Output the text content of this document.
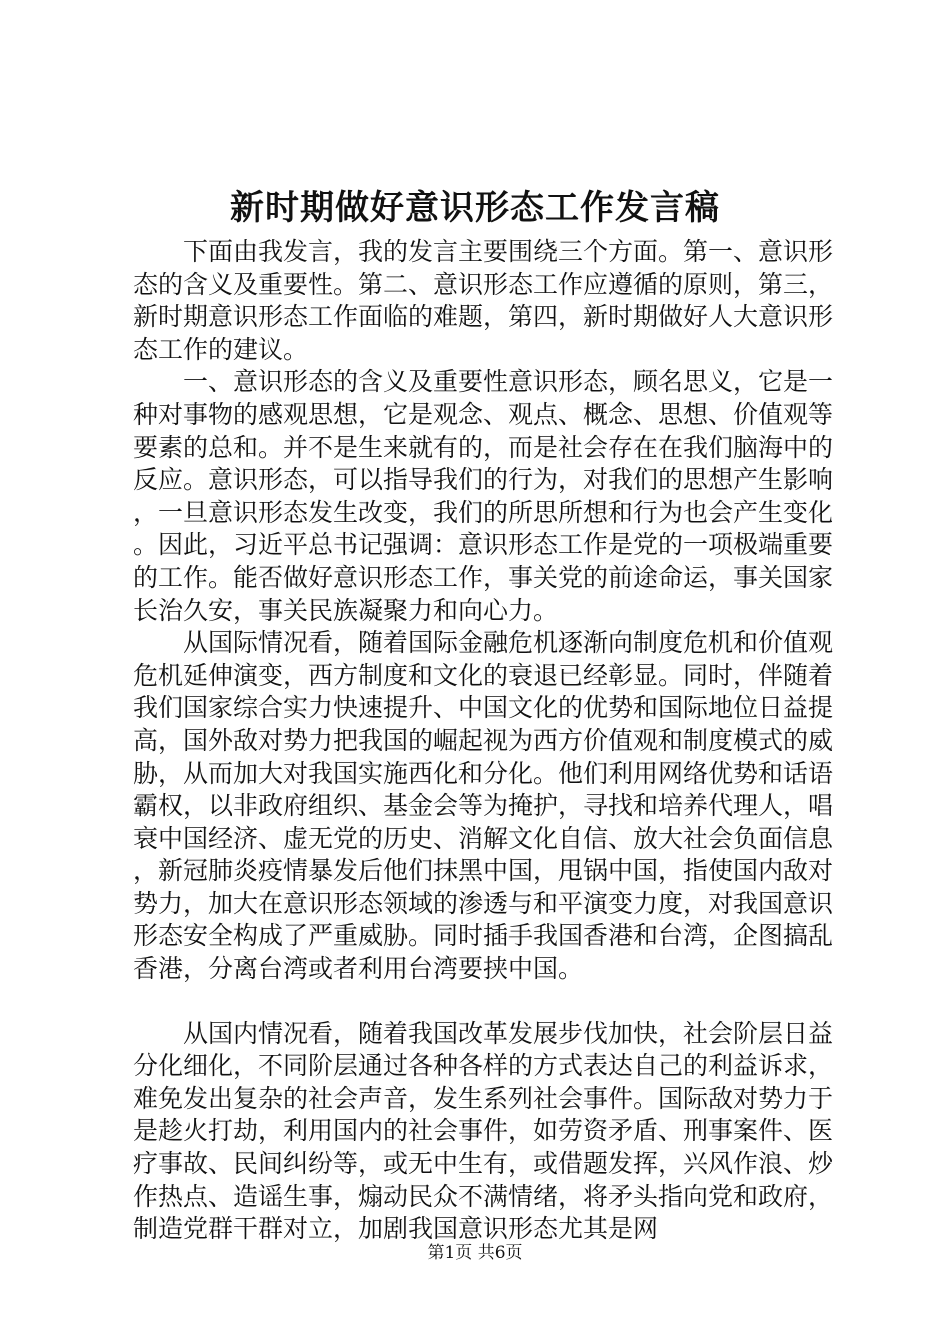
新时期做好意识形态工作发言稿

下面由我发言，我的发言主要围绕三个方面。第一、意识形态的含义及重要性。第二、意识形态工作应遵循的原则，第三，新时期意识形态工作面临的难题，第四，新时期做好人大意识形态工作的建议。

一、意识形态的含义及重要性意识形态，顾名思义，它是一种对事物的感观思想，它是观念、观点、概念、思想、价值观等要素的总和。并不是生来就有的，而是社会存在在我们脑海中的反应。意识形态，可以指导我们的行为，对我们的思想产生影响，一旦意识形态发生改变，我们的所思所想和行为也会产生变化。因此，习近平总书记强调：意识形态工作是党的一项极端重要的工作。能否做好意识形态工作，事关党的前途命运，事关国家长治久安，事关民族凝聚力和向心力。

从国际情况看，随着国际金融危机逐渐向制度危机和价值观危机延伸演变，西方制度和文化的衰退已经彰显。同时，伴随着我们国家综合实力快速提升、中国文化的优势和国际地位日益提高，国外敌对势力把我国的崛起视为西方价值观和制度模式的威胁，从而加大对我国实施西化和分化。他们利用网络优势和话语霸权，以非政府组织、基金会等为掩护，寻找和培养代理人，唱衰中国经济、虚无党的历史、消解文化自信、放大社会负面信息，新冠肺炎疫情暴发后他们抹黑中国，甩锅中国，指使国内敌对势力，加大在意识形态领域的渗透与和平演变力度，对我国意识形态安全构成了严重威胁。同时插手我国香港和台湾，企图搞乱香港，分离台湾或者利用台湾要挟中国。

从国内情况看，随着我国改革发展步伐加快，社会阶层日益分化细化，不同阶层通过各种各样的方式表达自己的利益诉求，难免发出复杂的社会声音，发生系列社会事件。国际敌对势力于是趁火打劫，利用国内的社会事件，如劳资矛盾、刑事案件、医疗事故、民间纠纷等，或无中生有，或借题发挥，兴风作浪、炒作热点、造谣生事，煽动民众不满情绪，将矛头指向党和政府，制造党群干群对立，加剧我国意识形态尤其是网

第1页 共6页
